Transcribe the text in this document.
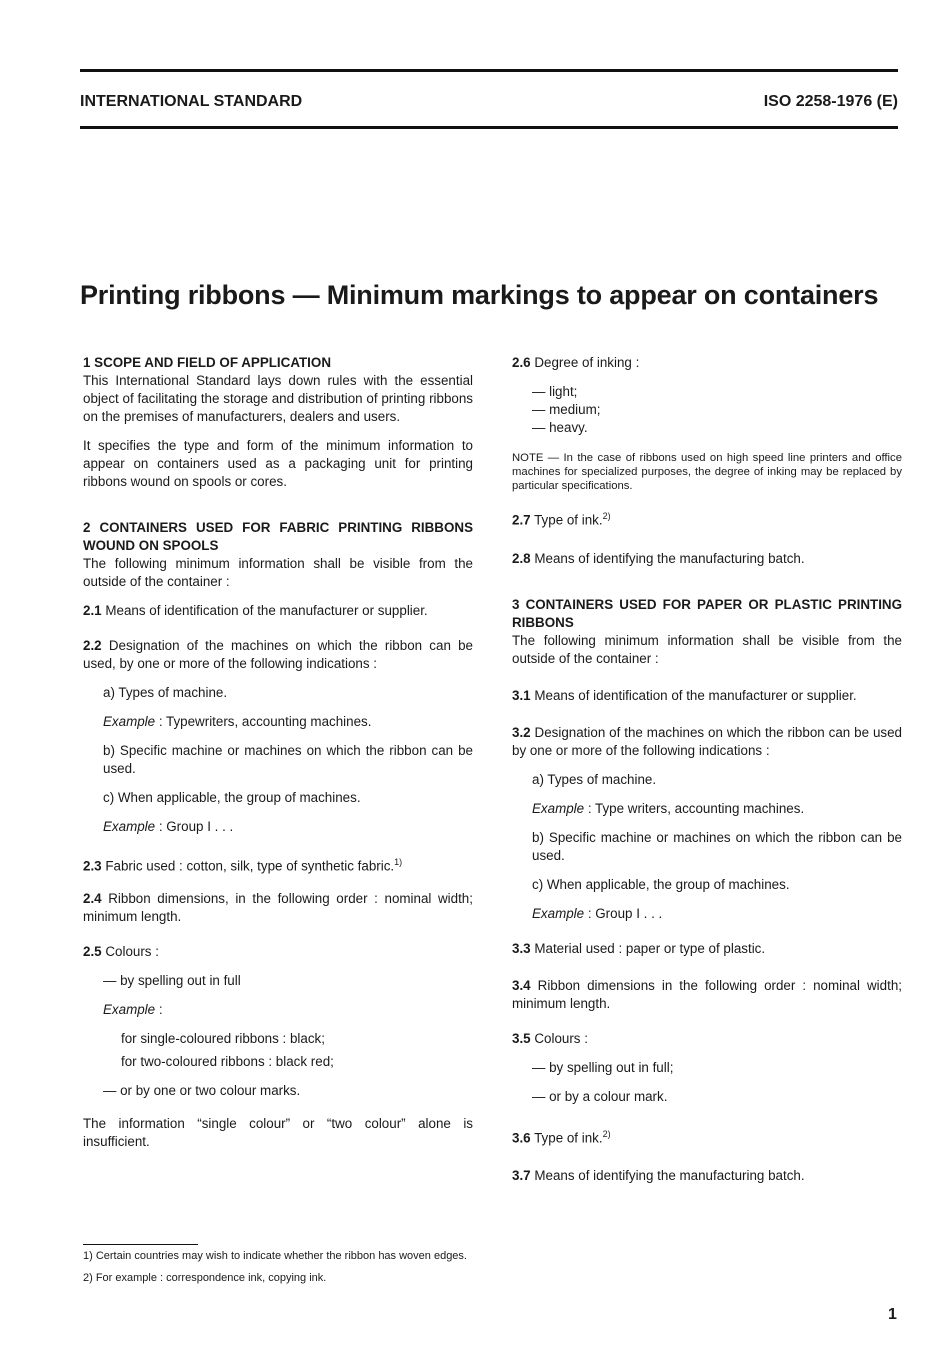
INTERNATIONAL STANDARD	ISO 2258-1976 (E)
Printing ribbons — Minimum markings to appear on containers

1 SCOPE AND FIELD OF APPLICATION

This International Standard lays down rules with the essential object of facilitating the storage and distribution of printing ribbons on the premises of manufacturers, dealers and users.

It specifies the type and form of the minimum information to appear on containers used as a packaging unit for printing ribbons wound on spools or cores.

2 CONTAINERS USED FOR FABRIC PRINTING RIBBONS WOUND ON SPOOLS

The following minimum information shall be visible from the outside of the container :

2.1 Means of identification of the manufacturer or supplier.

2.2 Designation of the machines on which the ribbon can be used, by one or more of the following indications :

a) Types of machine.

Example : Typewriters, accounting machines.

b) Specific machine or machines on which the ribbon can be used.

c) When applicable, the group of machines.

Example : Group I . . .

2.3 Fabric used : cotton, silk, type of synthetic fabric.$^{1)}$

2.4 Ribbon dimensions, in the following order : nominal width; minimum length.

2.5 Colours :

— by spelling out in full

Example :

for single-coloured ribbons : black;

for two-coloured ribbons : black red;

— or by one or two colour marks.

The information “single colour” or “two colour” alone is insufficient.

2.6 Degree of inking :

— light;

— medium;

— heavy.

NOTE — In the case of ribbons used on high speed line printers and office machines for specialized purposes, the degree of inking may be replaced by particular specifications.

2.7 Type of ink.$^{2)}$

2.8 Means of identifying the manufacturing batch.

3 CONTAINERS USED FOR PAPER OR PLASTIC PRINTING RIBBONS

The following minimum information shall be visible from the outside of the container :

3.1 Means of identification of the manufacturer or supplier.

3.2 Designation of the machines on which the ribbon can be used by one or more of the following indications :

a) Types of machine.

Example : Type writers, accounting machines.

b) Specific machine or machines on which the ribbon can be used.

c) When applicable, the group of machines.

Example : Group I . . .

3.3 Material used : paper or type of plastic.

3.4 Ribbon dimensions in the following order : nominal width; minimum length.

3.5 Colours :

— by spelling out in full;

— or by a colour mark.

3.6 Type of ink.$^{2)}$

3.7 Means of identifying the manufacturing batch.

1) Certain countries may wish to indicate whether the ribbon has woven edges.
2) For example : correspondence ink, copying ink.
1
